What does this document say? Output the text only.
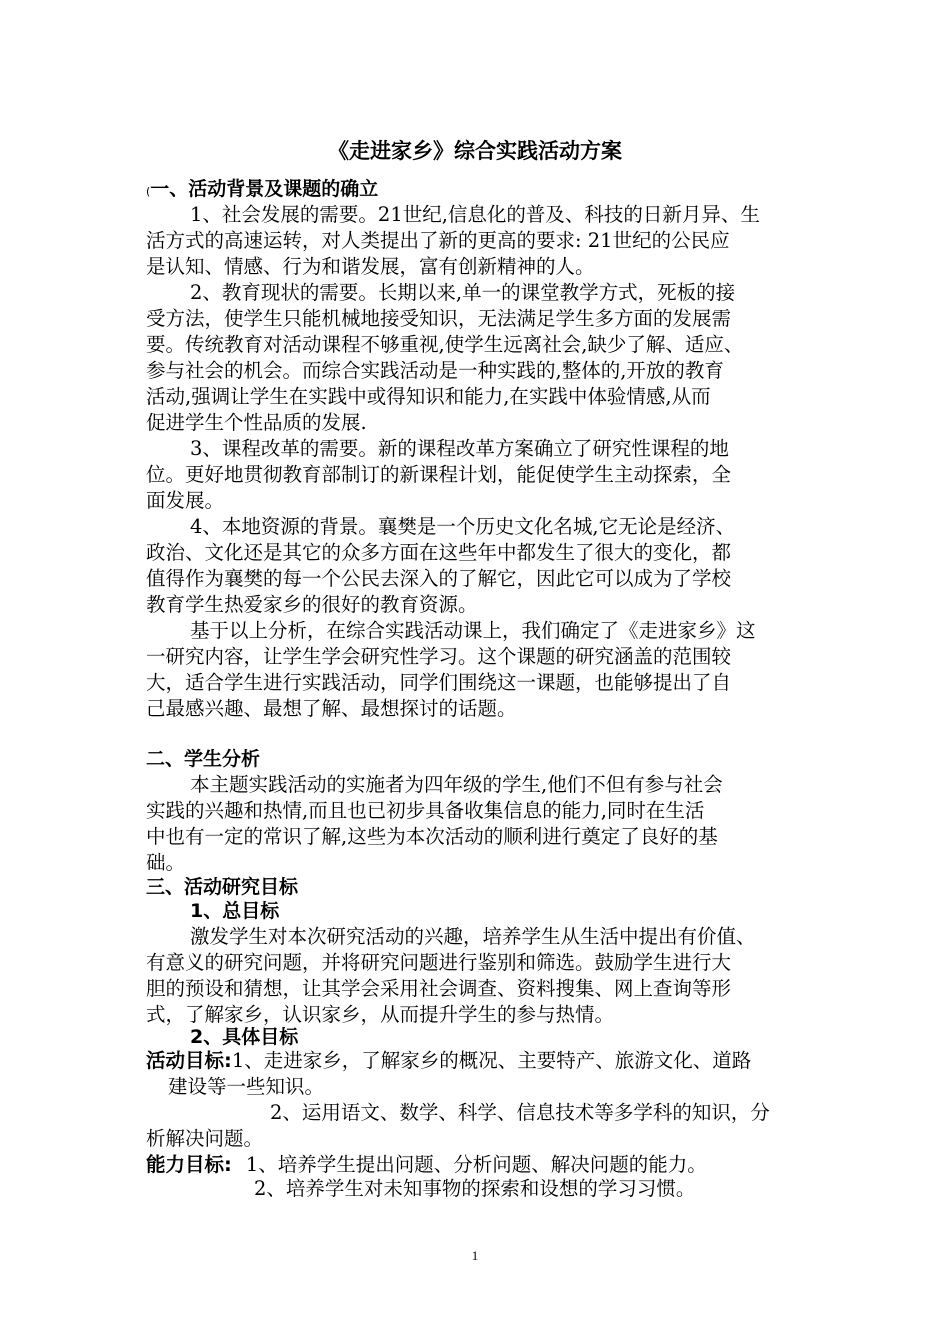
《走进家乡》综合实践活动方案
(一、活动背景及课题的确立
1、社会发展的需要。21世纪,信息化的普及、科技的日新月异、生
活方式的高速运转，对人类提出了新的更高的要求: 21世纪的公民应
是认知、情感、行为和谐发展，富有创新精神的人。
2、教育现状的需要。长期以来,单一的课堂教学方式，死板的接
受方法，使学生只能机械地接受知识，无法满足学生多方面的发展需
要。传统教育对活动课程不够重视,使学生远离社会,缺少了解、适应、
参与社会的机会。而综合实践活动是一种实践的,整体的,开放的教育
活动,强调让学生在实践中或得知识和能力,在实践中体验情感,从而
促进学生个性品质的发展.
3、课程改革的需要。新的课程改革方案确立了研究性课程的地
位。更好地贯彻教育部制订的新课程计划，能促使学生主动探索，全
面发展。
4、本地资源的背景。襄樊是一个历史文化名城,它无论是经济、
政治、文化还是其它的众多方面在这些年中都发生了很大的变化，都
值得作为襄樊的每一个公民去深入的了解它，因此它可以成为了学校
教育学生热爱家乡的很好的教育资源。
基于以上分析，在综合实践活动课上，我们确定了《走进家乡》这
一研究内容，让学生学会研究性学习。这个课题的研究涵盖的范围较
大，适合学生进行实践活动，同学们围绕这一课题，也能够提出了自
己最感兴趣、最想了解、最想探讨的话题。
二、学生分析
本主题实践活动的实施者为四年级的学生,他们不但有参与社会
实践的兴趣和热情,而且也已初步具备收集信息的能力,同时在生活
中也有一定的常识了解,这些为本次活动的顺利进行奠定了良好的基
础。
三、活动研究目标
1、总目标
激发学生对本次研究活动的兴趣，培养学生从生活中提出有价值、
有意义的研究问题，并将研究问题进行鉴别和筛选。鼓励学生进行大
胆的预设和猜想，让其学会采用社会调查、资料搜集、网上查询等形
式，了解家乡，认识家乡，从而提升学生的参与热情。
2、具体目标
活动目标:1、走进家乡，了解家乡的概况、主要特产、旅游文化、道路
建设等一些知识。
2、运用语文、数学、科学、信息技术等多学科的知识，分
析解决问题。
能力目标: 1、培养学生提出问题、分析问题、解决问题的能力。
2、培养学生对未知事物的探索和设想的学习习惯。
1
